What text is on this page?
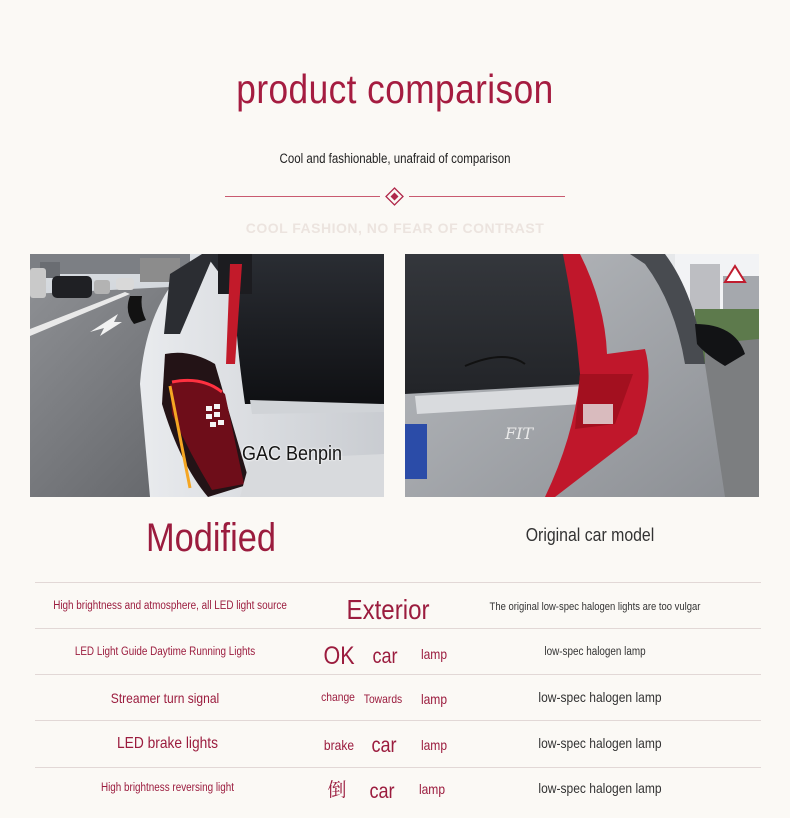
product comparison
Cool and fashionable, unafraid of comparison
COOL FASHION, NO FEAR OF CONTRAST
GAC Benpin
FIT
Modified	Original car model
High brightness and atmosphere, all LED light source	Exterior	The original low-spec halogen lights are too vulgar
LED Light Guide Daytime Running Lights	OK car	lamp	low-spec halogen lamp
Streamer turn signal	change Towards	lamp	low-spec halogen lamp
LED brake lights	brake car	lamp	low-spec halogen lamp
High brightness reversing light	倒	car	lamp	low-spec halogen lamp
